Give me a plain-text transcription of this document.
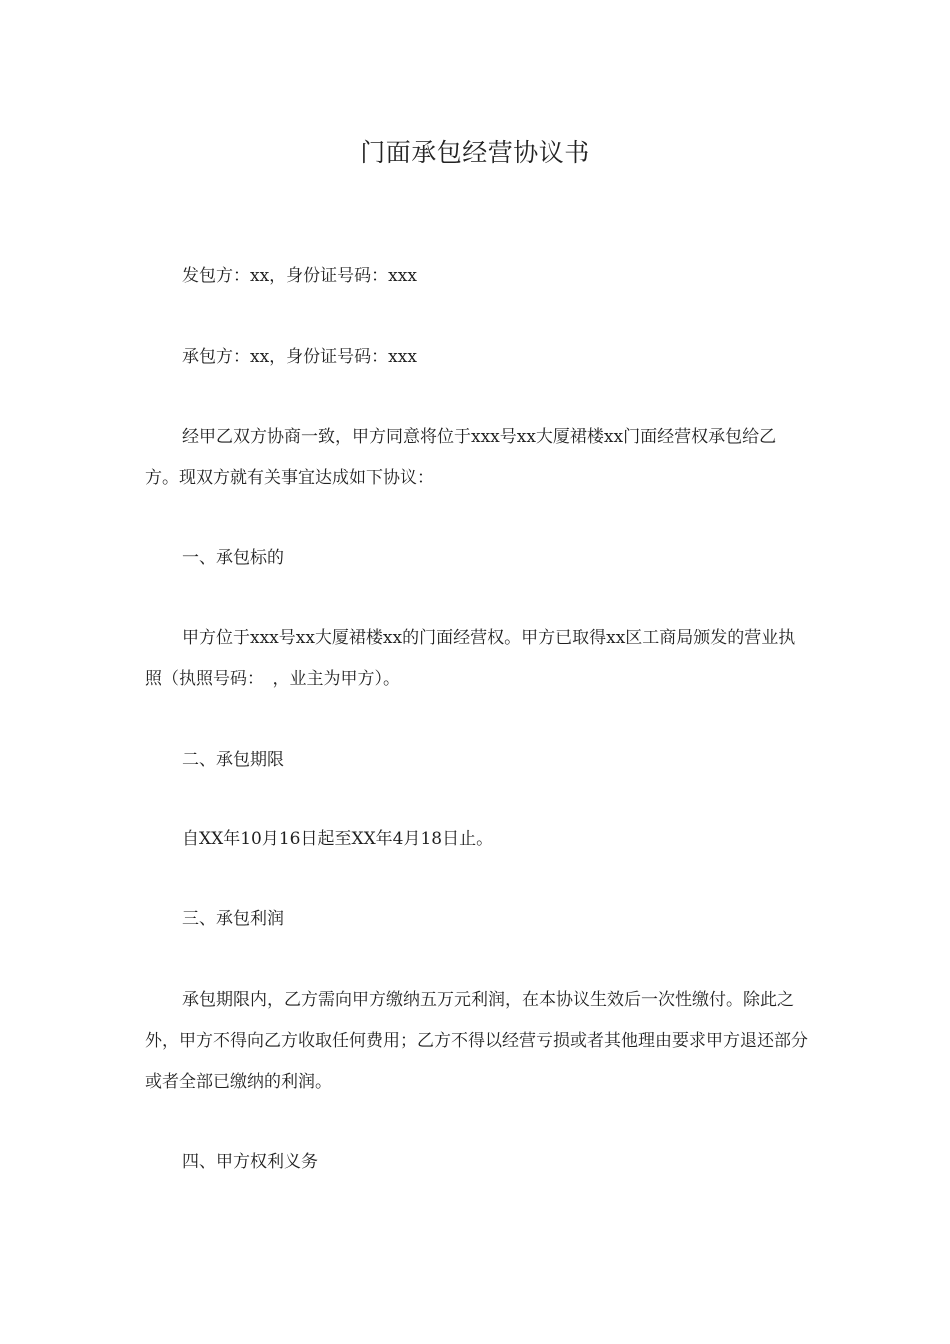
门面承包经营协议书

发包方：xx，身份证号码：xxx

承包方：xx，身份证号码：xxx

经甲乙双方协商一致，甲方同意将位于xxx号xx大厦裙楼xx门面经营权承包给乙方。现双方就有关事宜达成如下协议：

一、承包标的

甲方位于xxx号xx大厦裙楼xx的门面经营权。甲方已取得xx区工商局颁发的营业执照（执照号码：　，业主为甲方）。

二、承包期限

自XX年10月16日起至XX年4月18日止。

三、承包利润

承包期限内，乙方需向甲方缴纳五万元利润，在本协议生效后一次性缴付。除此之外，甲方不得向乙方收取任何费用；乙方不得以经营亏损或者其他理由要求甲方退还部分或者全部已缴纳的利润。

四、甲方权利义务
